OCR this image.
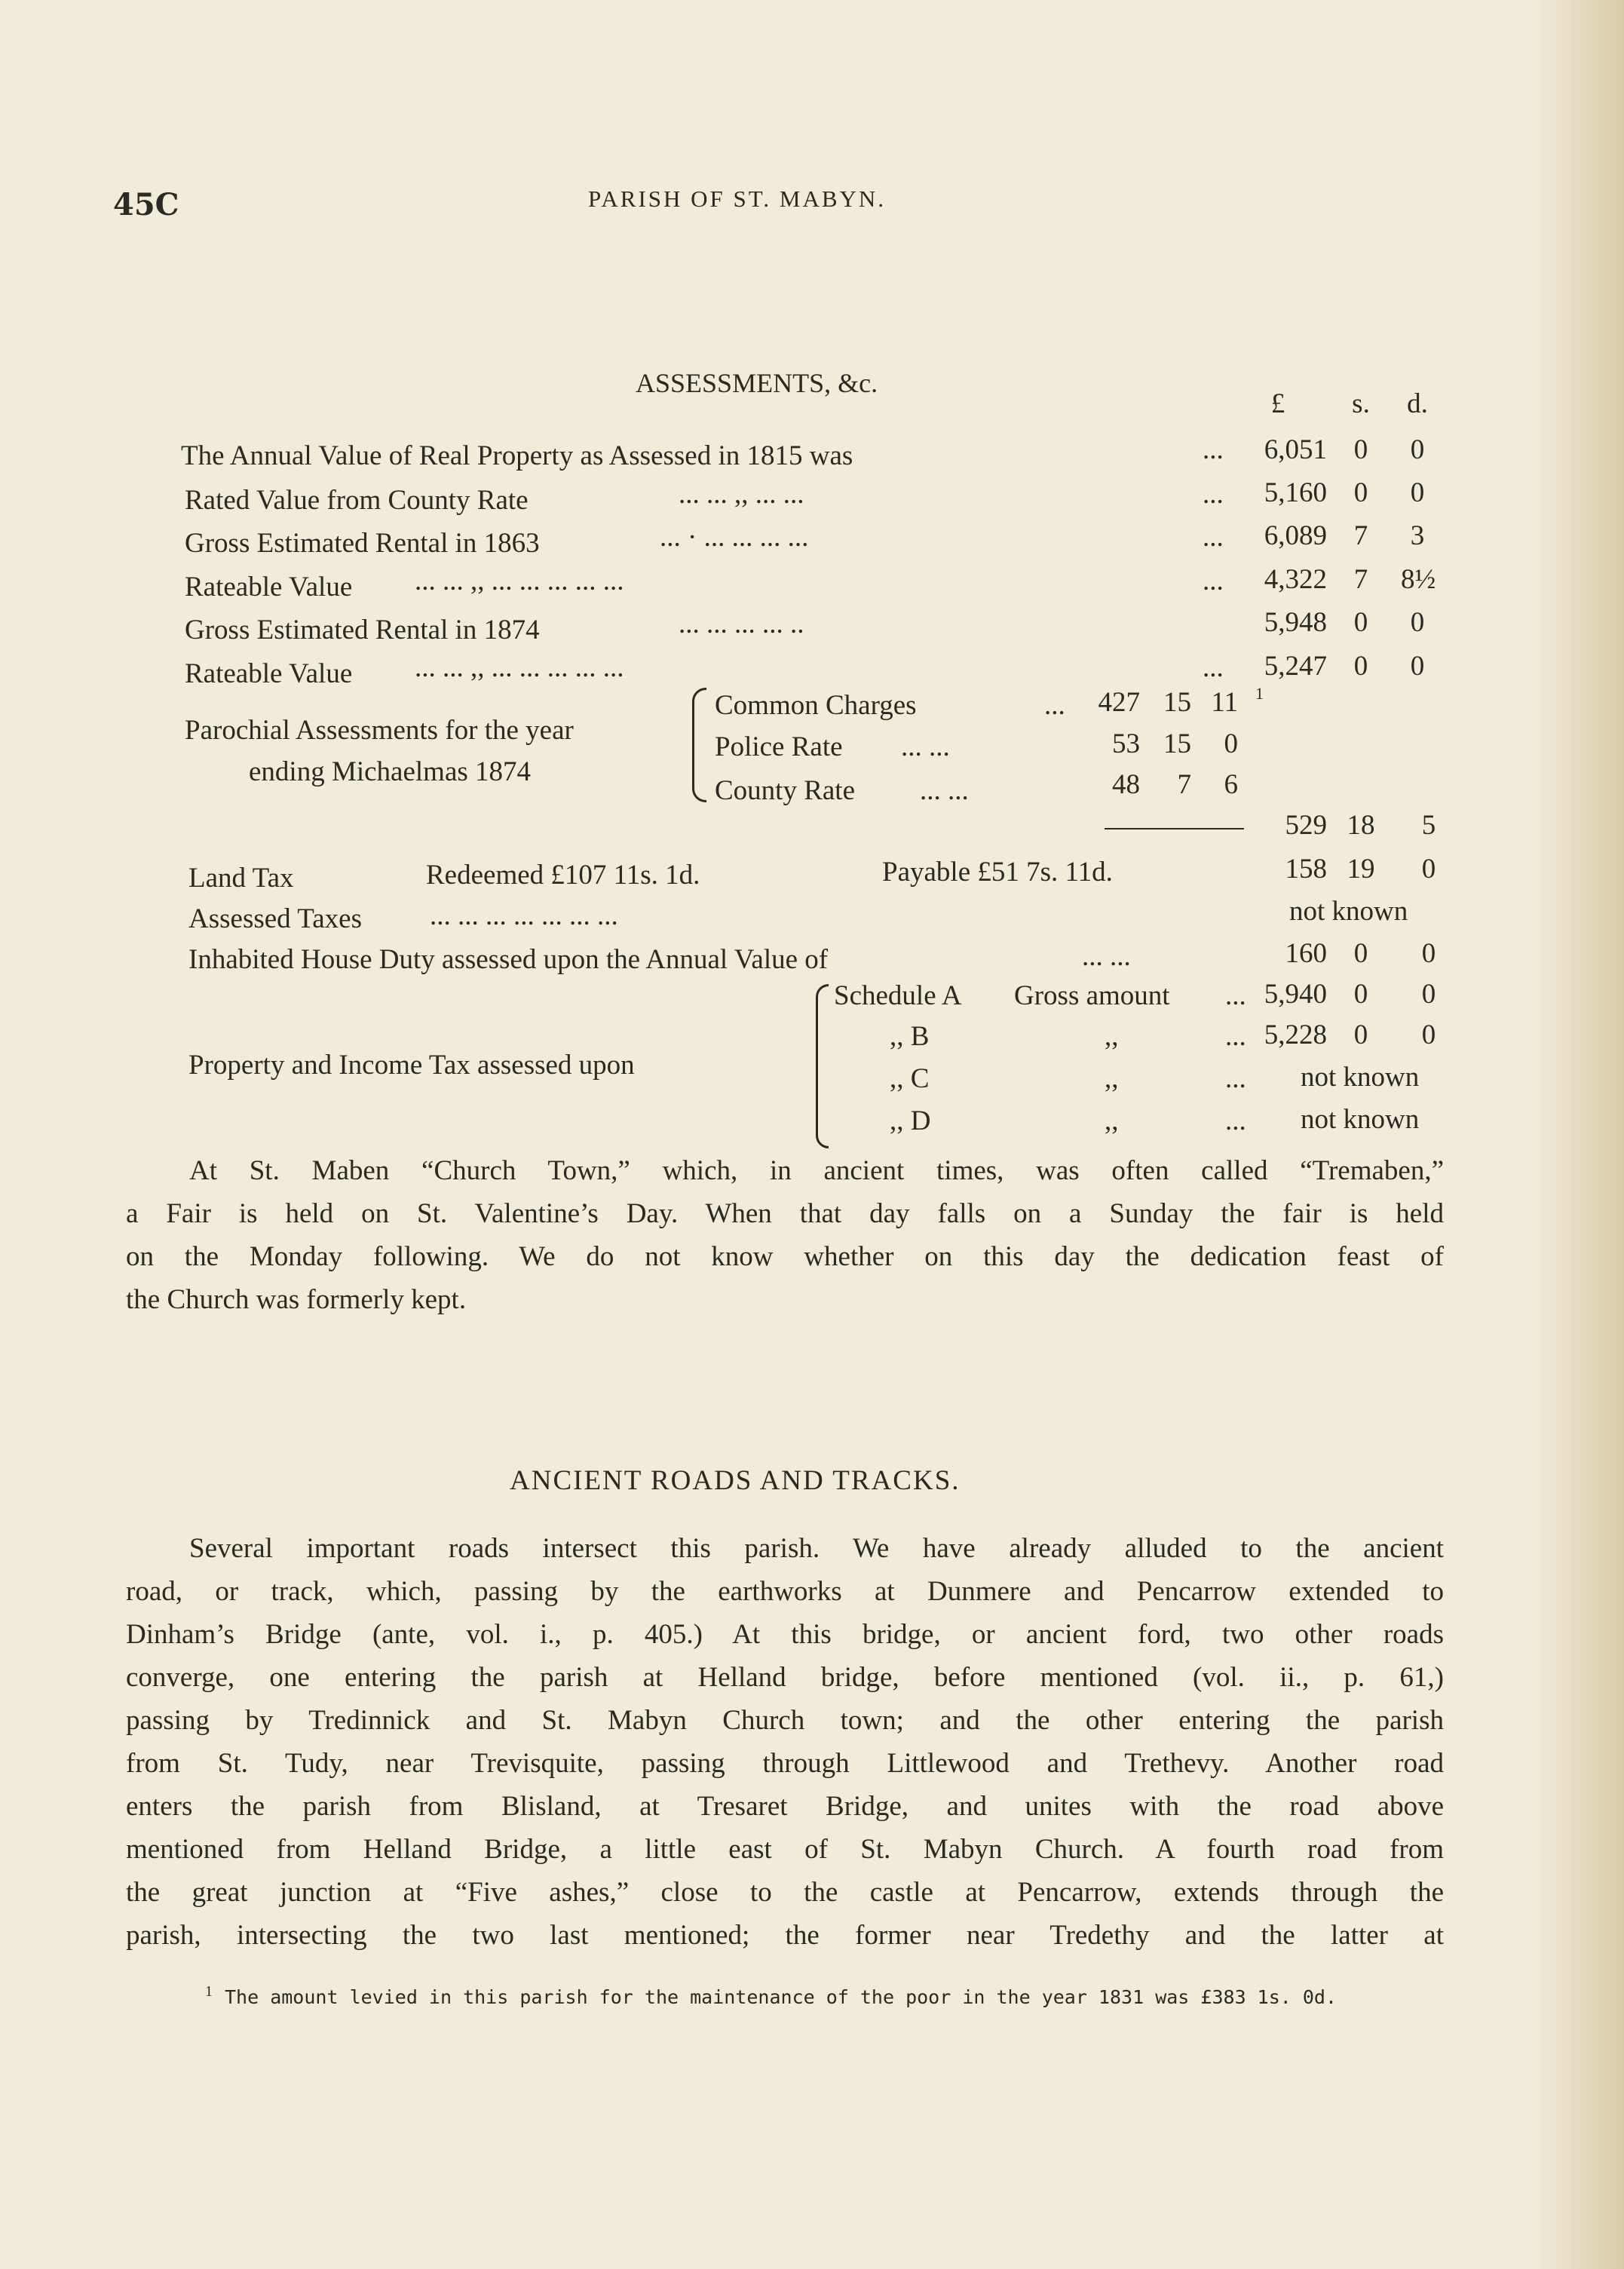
45C	PARISH OF ST. MABYN.
ASSESSMENTS, &c.
£	s.	d.
The Annual Value of Real Property as Assessed in 1815 was	...	6,051 0 0
Rated Value from County Rate	... ... ,, ... ...	...	5,160 0 0
Gross Estimated Rental in 1863	... · ... ... ... ...	...	6,089 7 3
Rateable Value ... ... ,, ... ... ... ... ...	...	4,322 7 8½
Gross Estimated Rental in 1874	... ... ... ... ..	5,948 0 0
Rateable Value ... ... ,, ... ... ... ... ...	...	5,247 0 0
Parochial Assessments for the year
ending Michaelmas 1874
Common Charges	...	427 15 11 1
Police Rate ... ...	53 15	0
County Rate ... ...	48	7	6
529 18 5
Land Tax	Redeemed £107 11s. 1d.	Payable £51 7s. 11d.	158 19 0
Assessed Taxes ... ... ... ... ... ... ...	not known
Inhabited House Duty assessed upon the Annual Value of	... ...	160 0 0
Property and Income Tax assessed upon
Schedule A Gross amount ... 5,940 0 0
,, B	,,	... 5,228 0 0
,, C	,,	... not known
,, D	,,	... not known
At St. Maben “Church Town,” which, in ancient times, was often called “Tremaben,”
a Fair is held on St. Valentine’s Day. When that day falls on a Sunday the fair is held
on the Monday following. We do not know whether on this day the dedication feast of
the Church was formerly kept.
ANCIENT ROADS AND TRACKS.
Several important roads intersect this parish. We have already alluded to the ancient
road, or track, which, passing by the earthworks at Dunmere and Pencarrow extended to
Dinham’s Bridge (ante, vol. i., p. 405.) At this bridge, or ancient ford, two other roads
converge, one entering the parish at Helland bridge, before mentioned (vol. ii., p. 61,)
passing by Tredinnick and St. Mabyn Church town; and the other entering the parish
from St. Tudy, near Trevisquite, passing through Littlewood and Trethevy. Another road
enters the parish from Blisland, at Tresaret Bridge, and unites with the road above
mentioned from Helland Bridge, a little east of St. Mabyn Church. A fourth road from
the great junction at “Five ashes,” close to the castle at Pencarrow, extends through the
parish, intersecting the two last mentioned; the former near Tredethy and the latter at
1 The amount levied in this parish for the maintenance of the poor in the year 1831 was £383 1s. 0d.
